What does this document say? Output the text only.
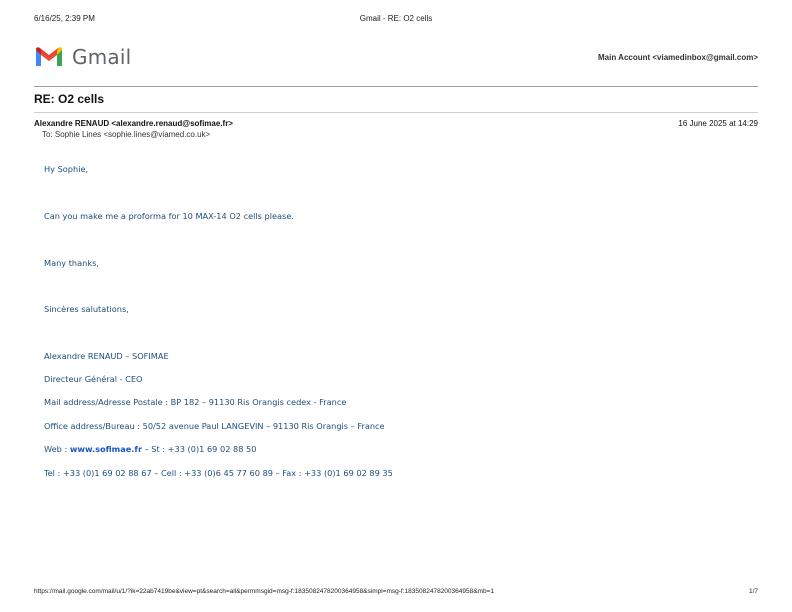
6/16/25, 2:39 PM	Gmail - RE: O2 cells
Gmail	Main Account <viamedinbox@gmail.com>
RE: O2 cells
Alexandre RENAUD <alexandre.renaud@sofimae.fr>	16 June 2025 at 14:29
To: Sophie Lines <sophie.lines@viamed.co.uk>
Hy Sophie,
Can you make me a proforma for 10 MAX-14 O2 cells please.
Many thanks,
Sincères salutations,
Alexandre RENAUD – SOFIMAE
Directeur Général - CEO
Mail address/Adresse Postale : BP 182 – 91130 Ris Orangis cedex - France
Office address/Bureau : 50/52 avenue Paul LANGEVIN – 91130 Ris Orangis – France
Web : www.sofimae.fr – St : +33 (0)1 69 02 88 50
Tel : +33 (0)1 69 02 88 67 – Cell : +33 (0)6 45 77 60 89 – Fax : +33 (0)1 69 02 89 35
https://mail.google.com/mail/u/1/?ik=22ab7419be&view=pt&search=all&permmsgid=msg-f:1835082478200364958&simpl=msg-f:1835082478200364958&mb=1	1/7
